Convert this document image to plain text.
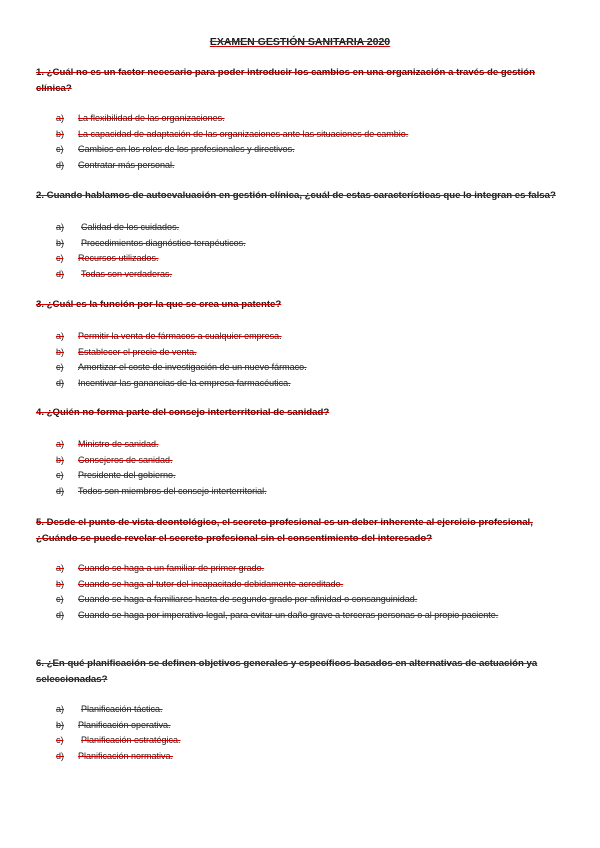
EXAMEN GESTIÓN SANITARIA 2020
1. ¿Cuál no es un factor necesario para poder introducir los cambios en una organización a través de gestión clínica?
a) La flexibilidad de las organizaciones.
b) La capacidad de adaptación de las organizaciones ante las situaciones de cambio.
c) Cambios en los roles de los profesionales y directivos.
d) Contratar más personal.
2. Cuando hablamos de autoevaluación en gestión clínica, ¿cuál de estas características que lo integran es falsa?
a) Calidad de los cuidados.
b) Procedimientos diagnóstico-terapéuticos.
c) Recursos utilizados.
d) Todas son verdaderas.
3. ¿Cuál es la función por la que se crea una patente?
a) Permitir la venta de fármacos a cualquier empresa.
b) Establecer el precio de venta.
c) Amortizar el coste de investigación de un nuevo fármaco.
d) Incentivar las ganancias de la empresa farmacéutica.
4. ¿Quién no forma parte del consejo interterritorial de sanidad?
a) Ministro de sanidad.
b) Consejeros de sanidad.
c) Presidente del gobierno.
d) Todos son miembros del consejo interterritorial.
5. Desde el punto de vista deontológico, el secreto profesional es un deber inherente al ejercicio profesional, ¿Cuándo se puede revelar el secreto profesional sin el consentimiento del interesado?
a) Cuando se haga a un familiar de primer grado.
b) Cuando se haga al tutor del incapacitado debidamente acreditado.
c) Cuando se haga a familiares hasta de segundo grado por afinidad o consanguinidad.
d) Cuando se haga por imperativo legal, para evitar un daño grave a terceras personas o al propio paciente.
6. ¿En qué planificación se definen objetivos generales y específicos basados en alternativas de actuación ya seleccionadas?
a) Planificación táctica.
b) Planificación operativa.
c) Planificación estratégica.
d) Planificación normativa.
